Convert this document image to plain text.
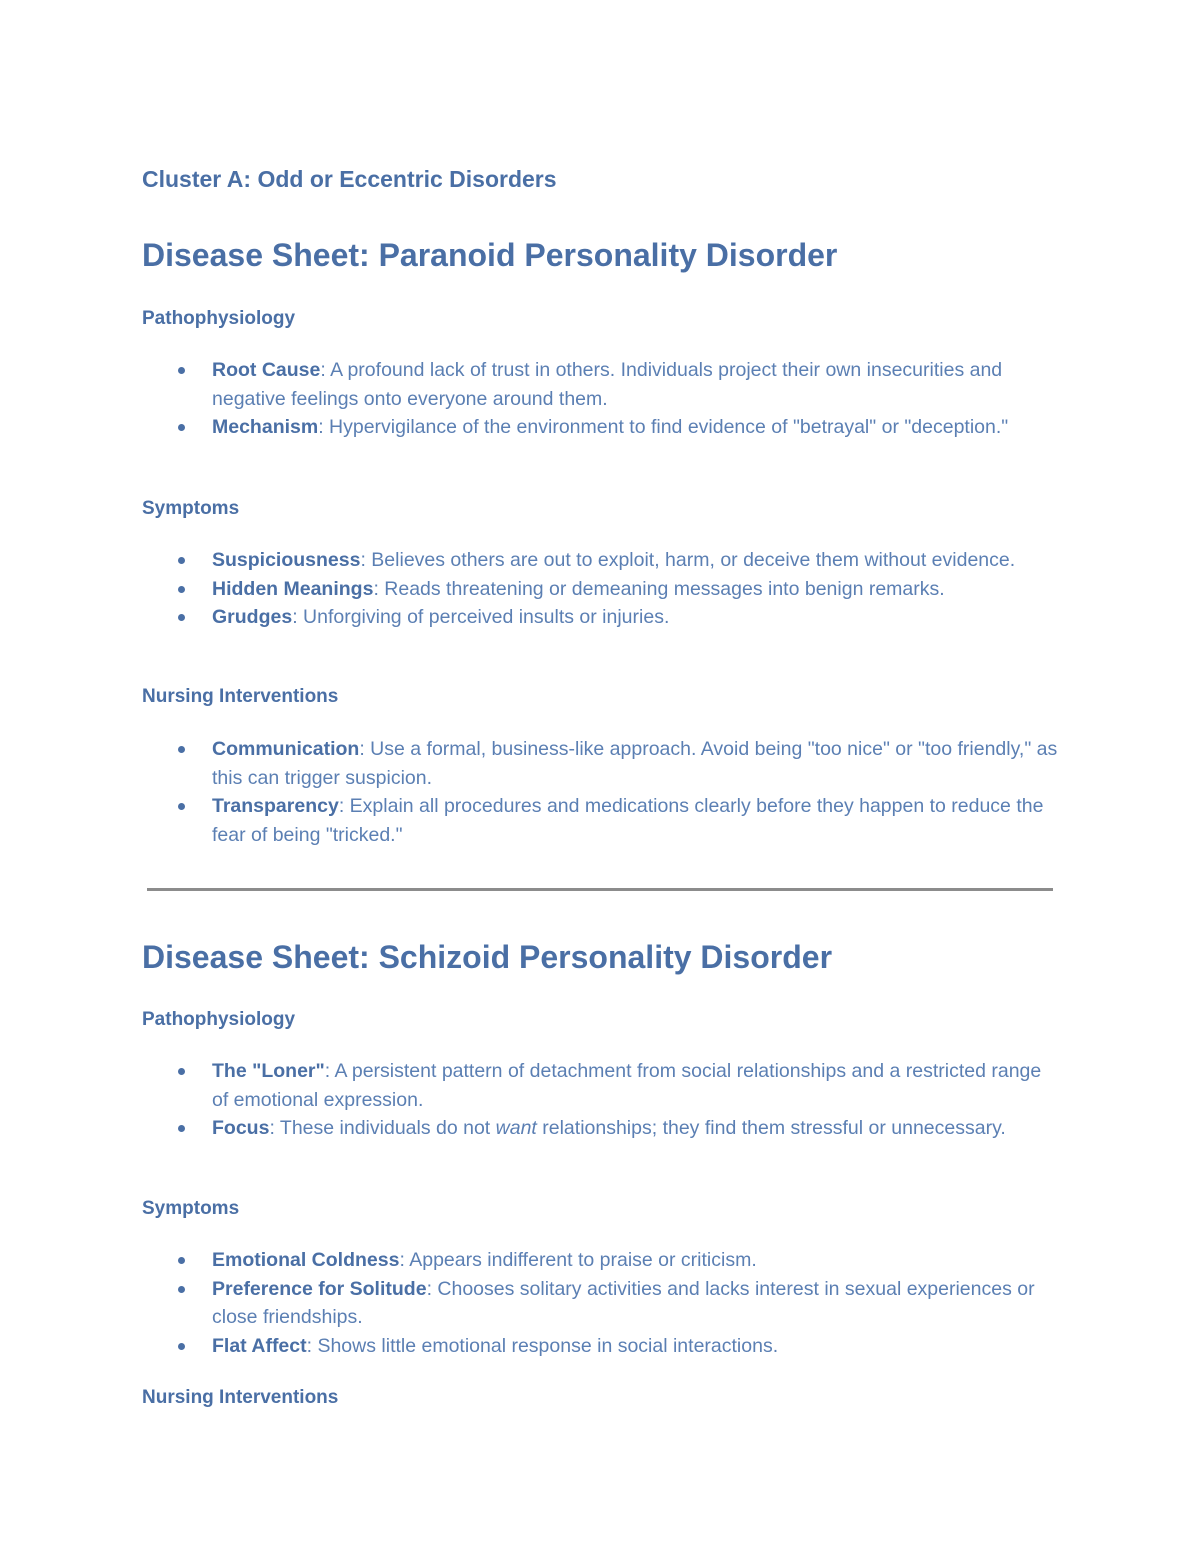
Cluster A: Odd or Eccentric Disorders
Disease Sheet: Paranoid Personality Disorder
Pathophysiology
Root Cause: A profound lack of trust in others. Individuals project their own insecurities and negative feelings onto everyone around them.
Mechanism: Hypervigilance of the environment to find evidence of "betrayal" or "deception."
Symptoms
Suspiciousness: Believes others are out to exploit, harm, or deceive them without evidence.
Hidden Meanings: Reads threatening or demeaning messages into benign remarks.
Grudges: Unforgiving of perceived insults or injuries.
Nursing Interventions
Communication: Use a formal, business-like approach. Avoid being "too nice" or "too friendly," as this can trigger suspicion.
Transparency: Explain all procedures and medications clearly before they happen to reduce the fear of being "tricked."
Disease Sheet: Schizoid Personality Disorder
Pathophysiology
The "Loner": A persistent pattern of detachment from social relationships and a restricted range of emotional expression.
Focus: These individuals do not want relationships; they find them stressful or unnecessary.
Symptoms
Emotional Coldness: Appears indifferent to praise or criticism.
Preference for Solitude: Chooses solitary activities and lacks interest in sexual experiences or close friendships.
Flat Affect: Shows little emotional response in social interactions.
Nursing Interventions
